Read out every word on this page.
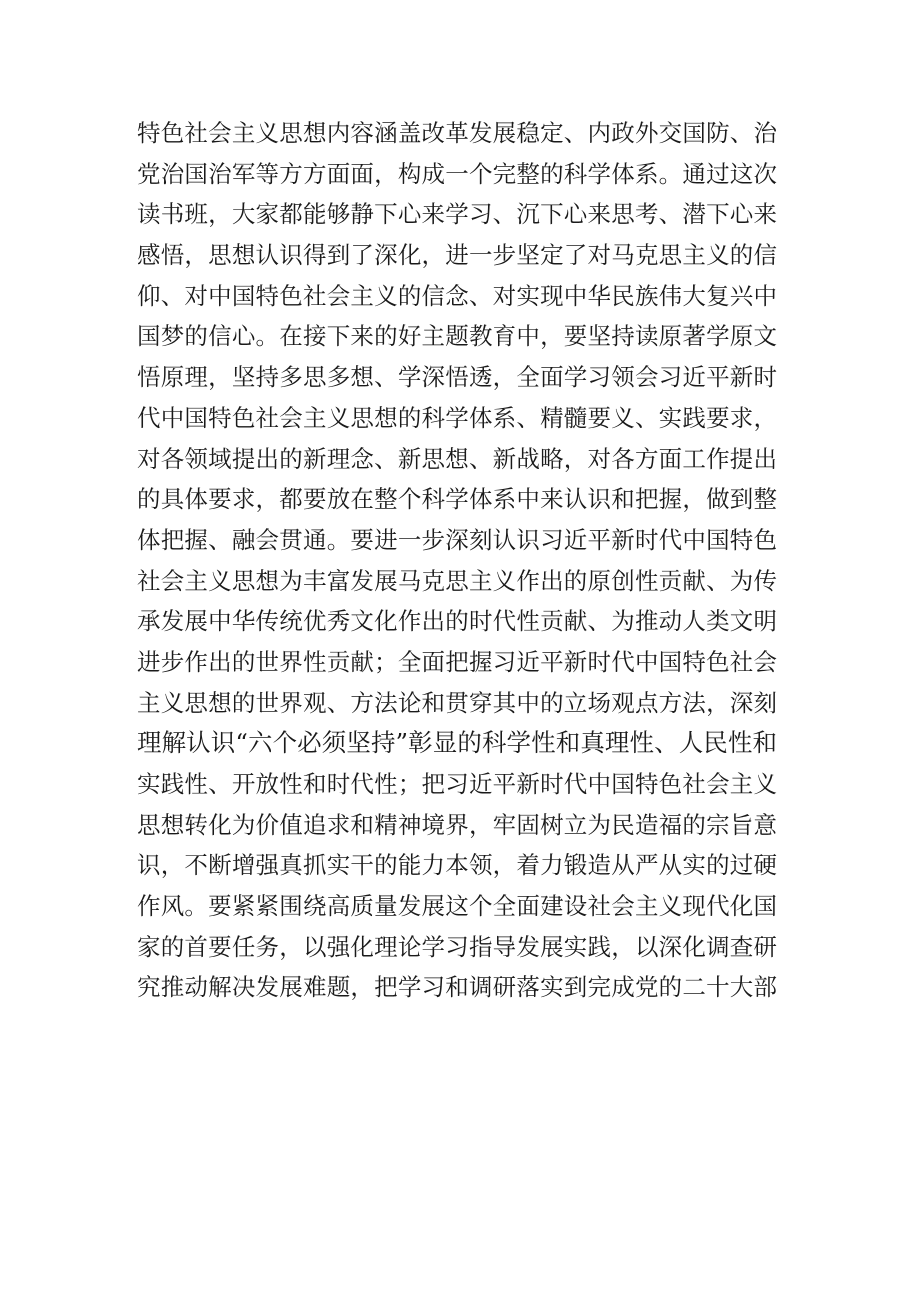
特色社会主义思想内容涵盖改革发展稳定、内政外交国防、治
党治国治军等方方面面，构成一个完整的科学体系。通过这次
读书班，大家都能够静下心来学习、沉下心来思考、潜下心来
感悟，思想认识得到了深化，进一步坚定了对马克思主义的信
仰、对中国特色社会主义的信念、对实现中华民族伟大复兴中
国梦的信心。在接下来的好主题教育中，要坚持读原著学原文
悟原理，坚持多思多想、学深悟透，全面学习领会习近平新时
代中国特色社会主义思想的科学体系、精髓要义、实践要求，
对各领域提出的新理念、新思想、新战略，对各方面工作提出
的具体要求，都要放在整个科学体系中来认识和把握，做到整
体把握、融会贯通。要进一步深刻认识习近平新时代中国特色
社会主义思想为丰富发展马克思主义作出的原创性贡献、为传
承发展中华传统优秀文化作出的时代性贡献、为推动人类文明
进步作出的世界性贡献；全面把握习近平新时代中国特色社会
主义思想的世界观、方法论和贯穿其中的立场观点方法，深刻
理解认识“六个必须坚持”彰显的科学性和真理性、人民性和
实践性、开放性和时代性；把习近平新时代中国特色社会主义
思想转化为价值追求和精神境界，牢固树立为民造福的宗旨意
识，不断增强真抓实干的能力本领，着力锻造从严从实的过硬
作风。要紧紧围绕高质量发展这个全面建设社会主义现代化国
家的首要任务，以强化理论学习指导发展实践，以深化调查研
究推动解决发展难题，把学习和调研落实到完成党的二十大部
